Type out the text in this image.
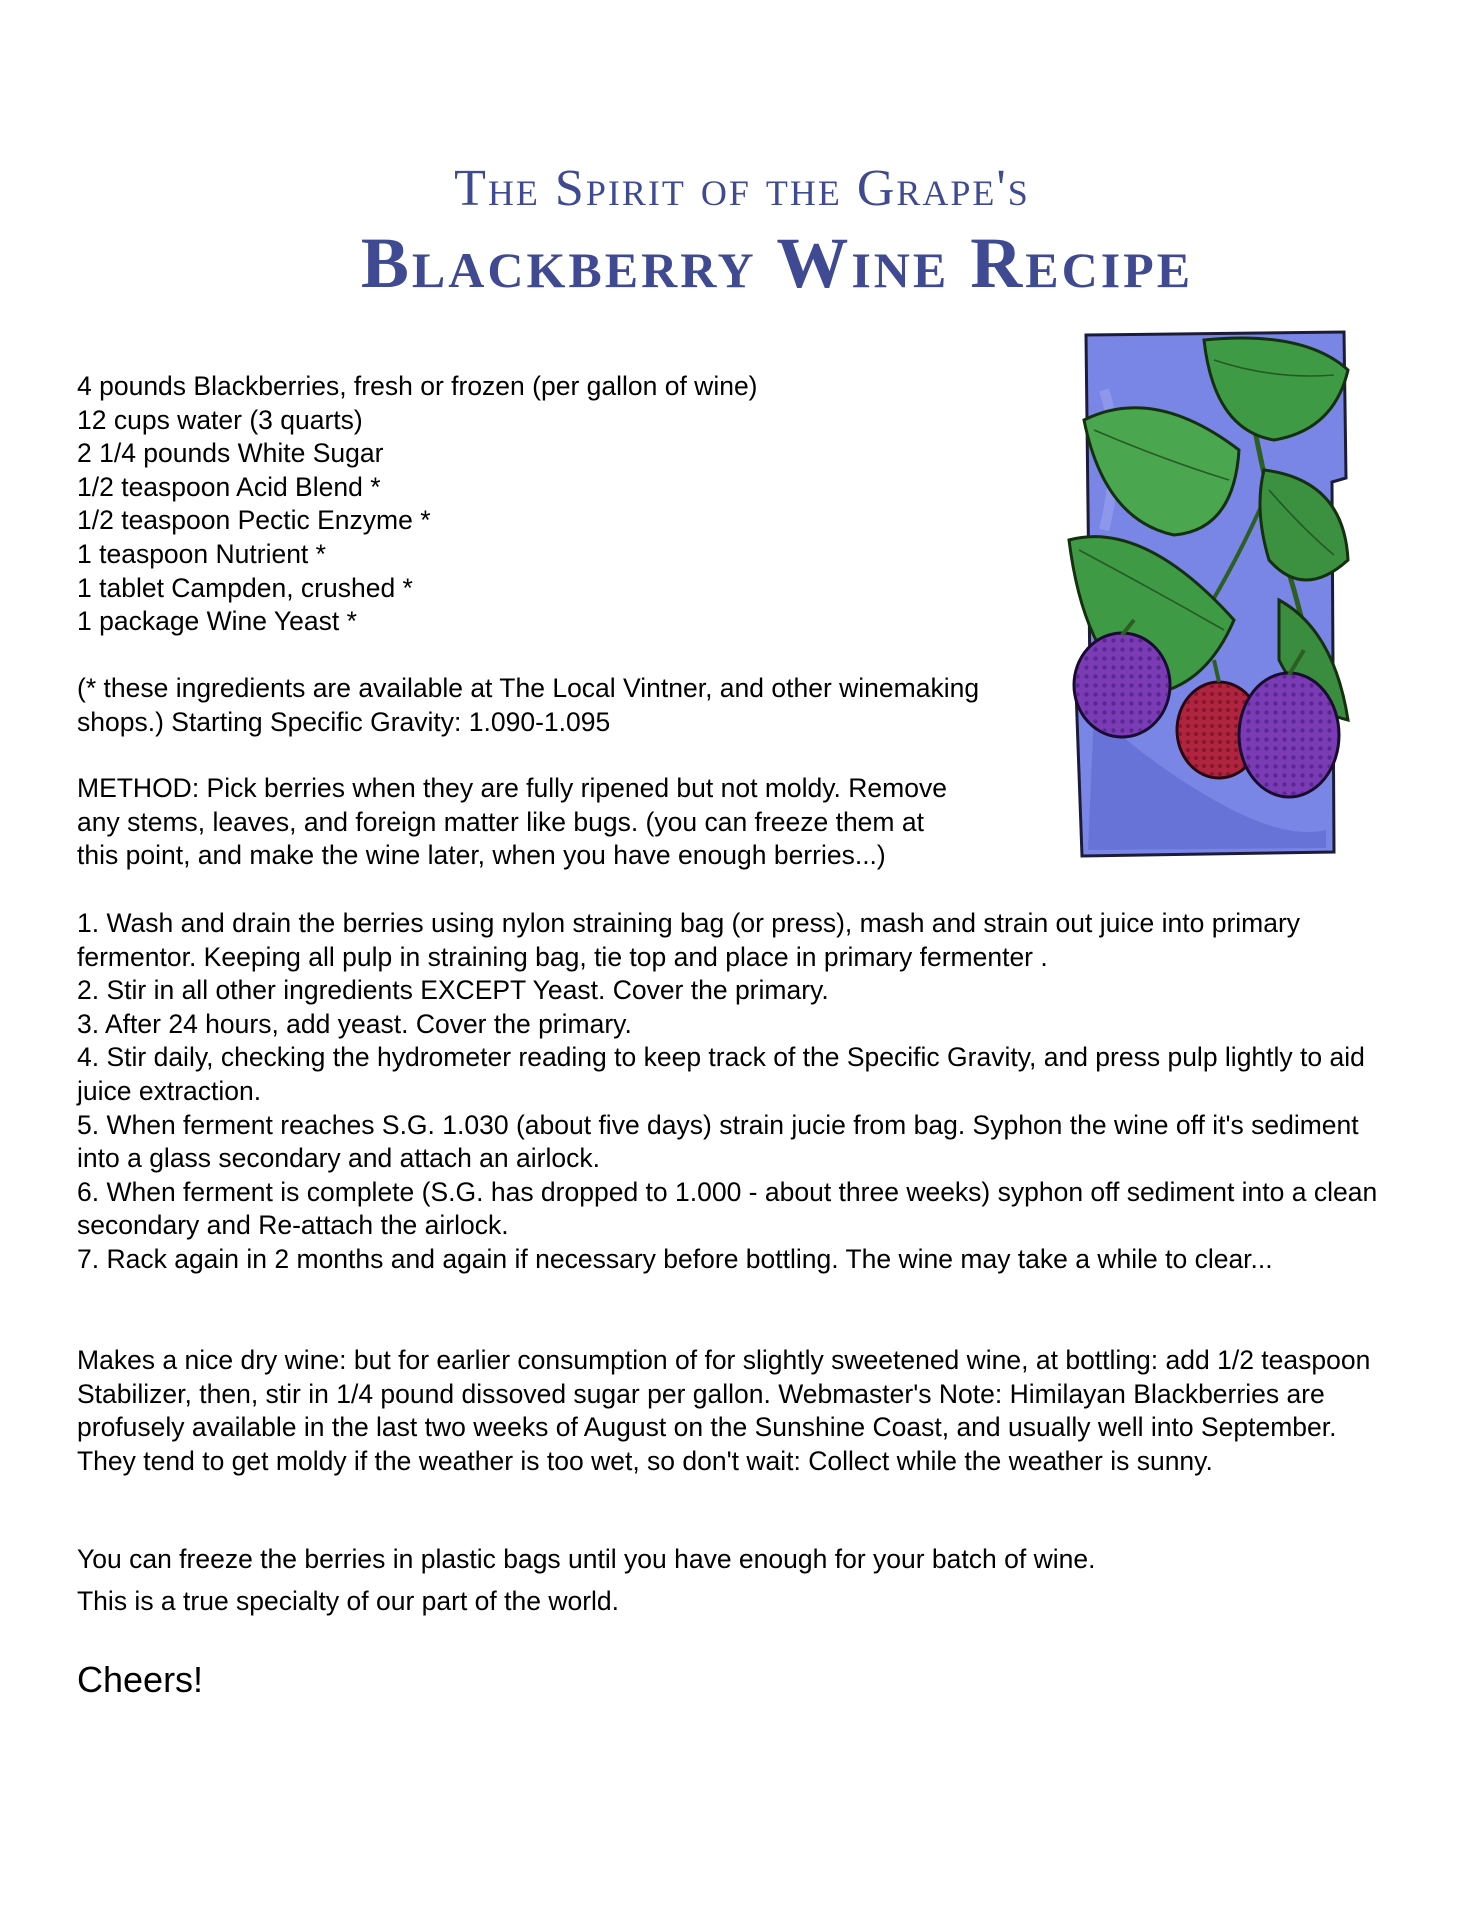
The Spirit of the Grape's
Blackberry Wine Recipe
4 pounds Blackberries, fresh or frozen (per gallon of wine)
12 cups water (3 quarts)
2 1/4 pounds White Sugar
1/2 teaspoon Acid Blend *
1/2 teaspoon Pectic Enzyme *
1 teaspoon Nutrient *
1 tablet Campden, crushed *
1 package Wine Yeast *
(* these ingredients are available at The Local Vintner, and other winemaking shops.) Starting Specific Gravity: 1.090-1.095
METHOD: Pick berries when they are fully ripened but not moldy. Remove any stems, leaves, and foreign matter like bugs. (you can freeze them at this point, and make the wine later, when you have enough berries...)
1. Wash and drain the berries using nylon straining bag (or press), mash and strain out juice into primary fermentor. Keeping all pulp in straining bag, tie top and place in primary fermenter .
2. Stir in all other ingredients EXCEPT Yeast. Cover the primary.
3. After 24 hours, add yeast. Cover the primary.
4. Stir daily, checking the hydrometer reading to keep track of the Specific Gravity, and press pulp lightly to aid juice extraction.
5. When ferment reaches S.G. 1.030 (about five days) strain jucie from bag. Syphon the wine off it's sediment into a glass secondary and attach an airlock.
6. When ferment is complete (S.G. has dropped to 1.000 - about three weeks) syphon off sediment into a clean secondary and Re-attach the airlock.
7. Rack again in 2 months and again if necessary before bottling. The wine may take a while to clear...
Makes a nice dry wine: but for earlier consumption of for slightly sweetened wine, at bottling: add 1/2 teaspoon Stabilizer, then, stir in 1/4 pound dissoved sugar per gallon. Webmaster's Note: Himilayan Blackberries are profusely available in the last two weeks of August on the Sunshine Coast, and usually well into September. They tend to get moldy if the weather is too wet, so don't wait: Collect while the weather is sunny.
You can freeze the berries in plastic bags until you have enough for your batch of wine.
This is a true specialty of our part of the world.
Cheers!
